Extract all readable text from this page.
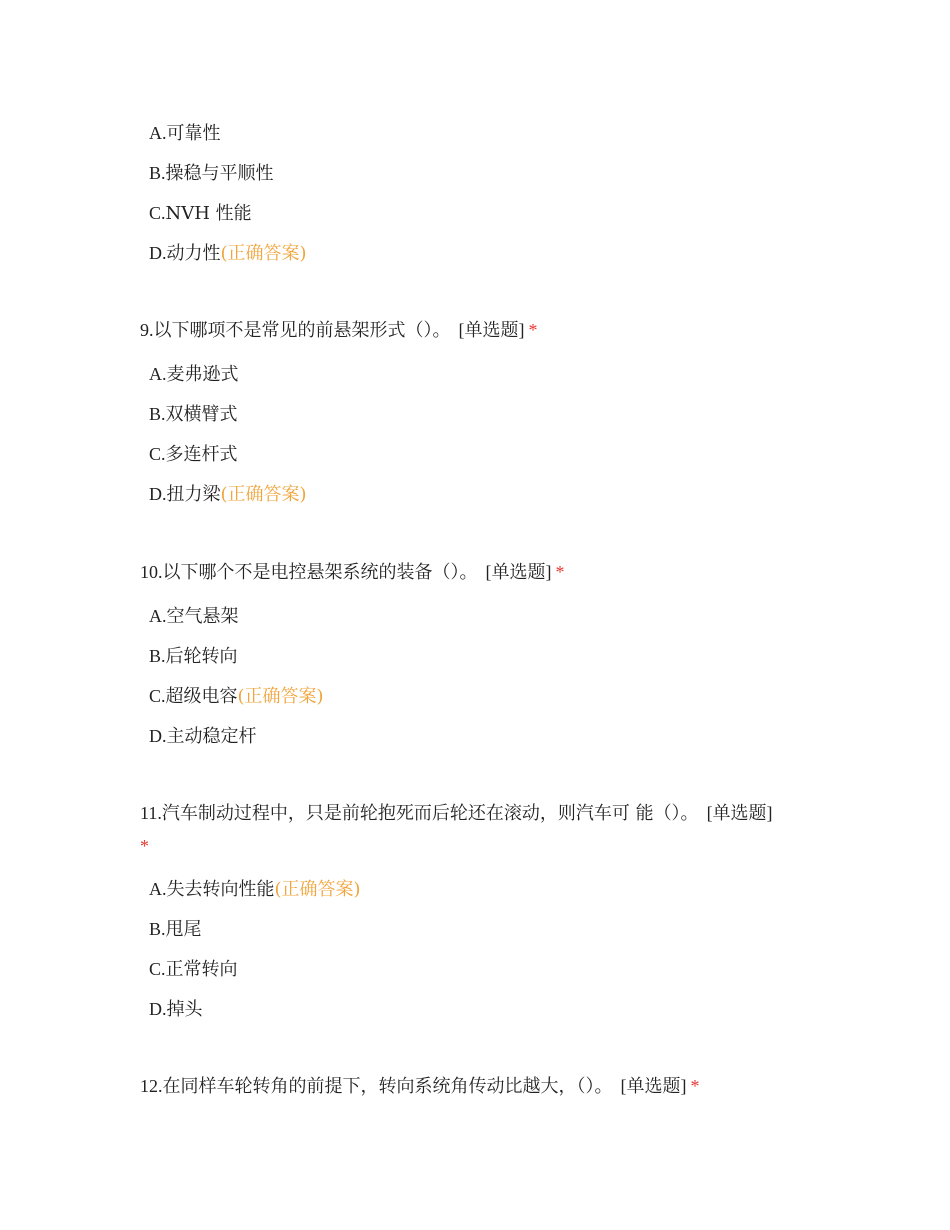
A.可靠性
B.操稳与平顺性
C.NVH 性能
D.动力性(正确答案)
9.以下哪项不是常见的前悬架形式（）。 [单选题] *
A.麦弗逊式
B.双横臂式
C.多连杆式
D.扭力梁(正确答案)
10.以下哪个不是电控悬架系统的装备（）。 [单选题] *
A.空气悬架
B.后轮转向
C.超级电容(正确答案)
D.主动稳定杆
11.汽车制动过程中，只是前轮抱死而后轮还在滚动，则汽车可 能（）。 [单选题]
*
A.失去转向性能(正确答案)
B.甩尾
C.正常转向
D.掉头
12.在同样车轮转角的前提下，转向系统角传动比越大，（）。 [单选题] *
